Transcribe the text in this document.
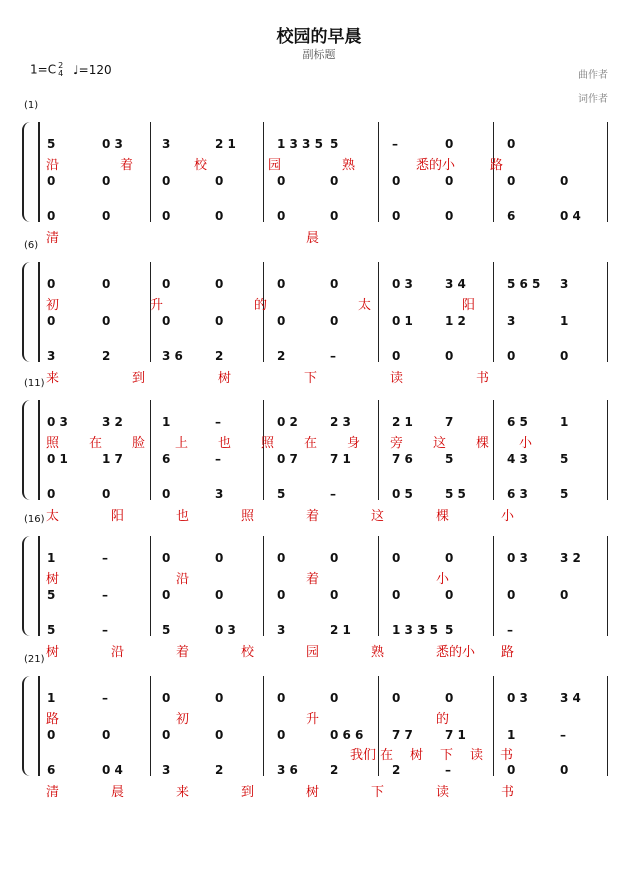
校园的早晨
副标题
曲作者
词作者
1=C 2
4 ♩=120
(1)
5	0 3	3	2 1	1 3 3 5 5	–	0	0
0	0	0	0	0	0	0	0	0	0
0	0	0	0	0	0	0	0	6	0 4
沿	着	校	园	熟	悉的小	路
清	晨
(6)
0	0	0	0	0	0	0 3	3 4	5 6 5 3
0	0	0	0	0	0	0 1	1 2	3	1
3	2	3 6	2	2	–	0	0	0	0
初	升	的	太	阳
来	到	树	下	读	书
(11)
0 3	3 2	1	–	0 2	2 3	2 1	7	6 5	1
0 1	1 7	6	–	0 7	7 1	7 6	5	4 3	5
0	0	0	3	5	–	0 5	5 5	6 3	5
照 在 脸 上 也 照 在 身 旁 这 棵 小
太	阳	也	照	着	这	棵	小
(16)
1	–	0	0	0	0	0	0	0 3	3 2
5	–	0	0	0	0	0	0	0	0
5	–	5	0 3	3	2 1	1 3 3 5 5	–
树	沿	着	小
树	沿	着	校	园	熟	悉的小 路
(21)
1	–	0	0	0	0	0	0	0 3	3 4
0	0	0	0	0	0 6 6 7 7	7 1	1	–
6	0 4	3	2	3 6	2	2	–	0	0
路	初	升	的
我们 在 树 下 读 书
清	晨	来	到	树	下	读	书
